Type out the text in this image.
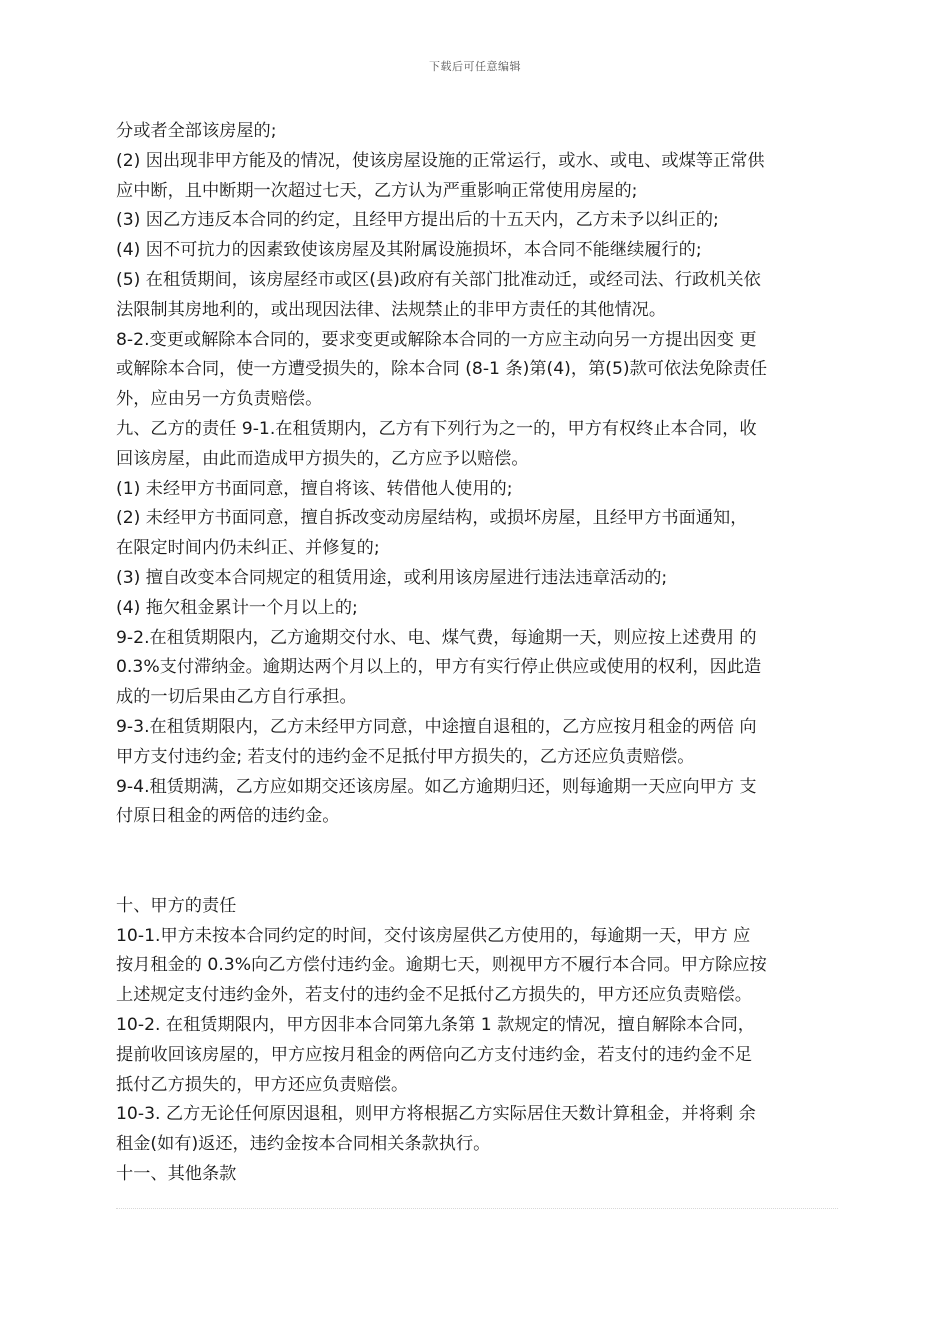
下载后可任意编辑
分或者全部该房屋的;
(2) 因出现非甲方能及的情况，使该房屋设施的正常运行，或水、或电、或煤等正常供
应中断，且中断期一次超过七天，乙方认为严重影响正常使用房屋的;
(3) 因乙方违反本合同的约定，且经甲方提出后的十五天内，乙方未予以纠正的;
(4) 因不可抗力的因素致使该房屋及其附属设施损坏，本合同不能继续履行的;
(5) 在租赁期间，该房屋经市或区(县)政府有关部门批准动迁，或经司法、行政机关依
法限制其房地利的，或出现因法律、法规禁止的非甲方责任的其他情况。
8-2.变更或解除本合同的，要求变更或解除本合同的一方应主动向另一方提出因变 更
或解除本合同，使一方遭受损失的，除本合同 (8-1 条)第(4)，第(5)款可依法免除责任
外，应由另一方负责赔偿。
九、乙方的责任 9-1.在租赁期内，乙方有下列行为之一的，甲方有权终止本合同，收
回该房屋，由此而造成甲方损失的，乙方应予以赔偿。
(1) 未经甲方书面同意，擅自将该、转借他人使用的;
(2) 未经甲方书面同意，擅自拆改变动房屋结构，或损坏房屋，且经甲方书面通知，
在限定时间内仍未纠正、并修复的;
(3) 擅自改变本合同规定的租赁用途，或利用该房屋进行违法违章活动的;
(4) 拖欠租金累计一个月以上的;
9-2.在租赁期限内，乙方逾期交付水、电、煤气费，每逾期一天，则应按上述费用 的
0.3%支付滞纳金。逾期达两个月以上的，甲方有实行停止供应或使用的权利，因此造
成的一切后果由乙方自行承担。
9-3.在租赁期限内，乙方未经甲方同意，中途擅自退租的，乙方应按月租金的两倍 向
甲方支付违约金; 若支付的违约金不足抵付甲方损失的，乙方还应负责赔偿。
9-4.租赁期满，乙方应如期交还该房屋。如乙方逾期归还，则每逾期一天应向甲方 支
付原日租金的两倍的违约金。
十、甲方的责任
10-1.甲方未按本合同约定的时间，交付该房屋供乙方使用的，每逾期一天，甲方 应
按月租金的 0.3%向乙方偿付违约金。逾期七天，则视甲方不履行本合同。甲方除应按
上述规定支付违约金外，若支付的违约金不足抵付乙方损失的，甲方还应负责赔偿。
10-2. 在租赁期限内，甲方因非本合同第九条第 1 款规定的情况，擅自解除本合同，
提前收回该房屋的，甲方应按月租金的两倍向乙方支付违约金，若支付的违约金不足
抵付乙方损失的，甲方还应负责赔偿。
10-3. 乙方无论任何原因退租，则甲方将根据乙方实际居住天数计算租金，并将剩 余
租金(如有)返还，违约金按本合同相关条款执行。
十一、其他条款
